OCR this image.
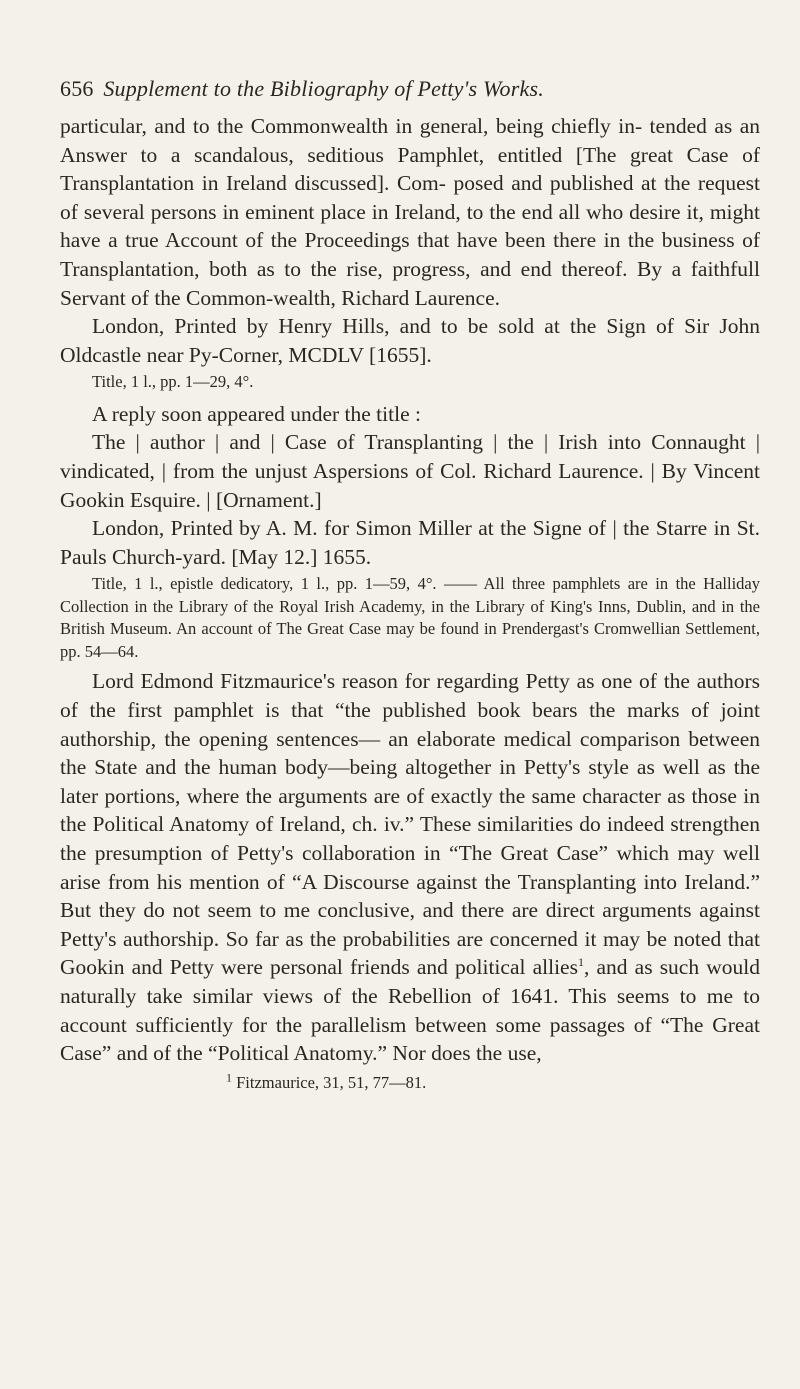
656 Supplement to the Bibliography of Petty's Works.

particular, and to the Commonwealth in general, being chiefly in- tended as an Answer to a scandalous, seditious Pamphlet, entitled [The great Case of Transplantation in Ireland discussed]. Com- posed and published at the request of several persons in eminent place in Ireland, to the end all who desire it, might have a true Account of the Proceedings that have been there in the business of Transplantation, both as to the rise, progress, and end thereof. By a faithfull Servant of the Common-wealth, Richard Laurence.

London, Printed by Henry Hills, and to be sold at the Sign of Sir John Oldcastle near Py-Corner, MCDLV [1655].

Title, 1 l., pp. 1—29, 4°.

A reply soon appeared under the title :

The | author | and | Case of Transplanting | the | Irish into Connaught | vindicated, | from the unjust Aspersions of Col. Richard Laurence. | By Vincent Gookin Esquire. | [Ornament.]

London, Printed by A. M. for Simon Miller at the Signe of | the Starre in St. Pauls Church-yard. [May 12.] 1655.

Title, 1 l., epistle dedicatory, 1 l., pp. 1—59, 4°. —— All three pamphlets are in the Halliday Collection in the Library of the Royal Irish Academy, in the Library of King's Inns, Dublin, and in the British Museum. An account of The Great Case may be found in Prendergast's Cromwellian Settlement, pp. 54—64.

Lord Edmond Fitzmaurice's reason for regarding Petty as one of the authors of the first pamphlet is that “the published book bears the marks of joint authorship, the opening sentences— an elaborate medical comparison between the State and the human body—being altogether in Petty's style as well as the later portions, where the arguments are of exactly the same character as those in the Political Anatomy of Ireland, ch. iv.” These similarities do indeed strengthen the presumption of Petty's collaboration in “The Great Case” which may well arise from his mention of “A Discourse against the Transplanting into Ireland.” But they do not seem to me conclusive, and there are direct arguments against Petty's authorship. So far as the probabilities are concerned it may be noted that Gookin and Petty were personal friends and political allies$^1$, and as such would naturally take similar views of the Rebellion of 1641. This seems to me to account sufficiently for the parallelism between some passages of “The Great Case” and of the “Political Anatomy.” Nor does the use,

$^1$ Fitzmaurice, 31, 51, 77—81.
